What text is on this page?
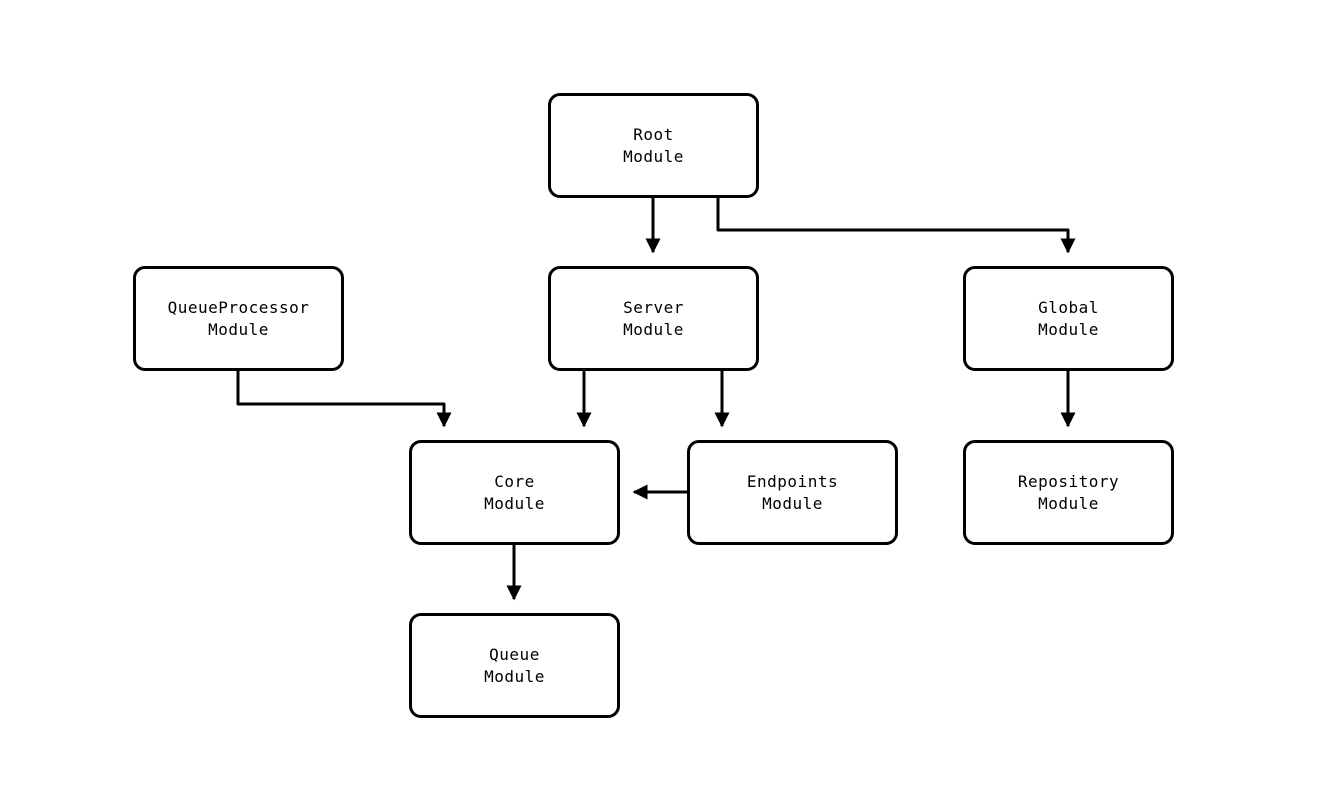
Root
Module
QueueProcessor
Module
Server
Module
Global
Module
Core
Module
Endpoints
Module
Repository
Module
Queue
Module
